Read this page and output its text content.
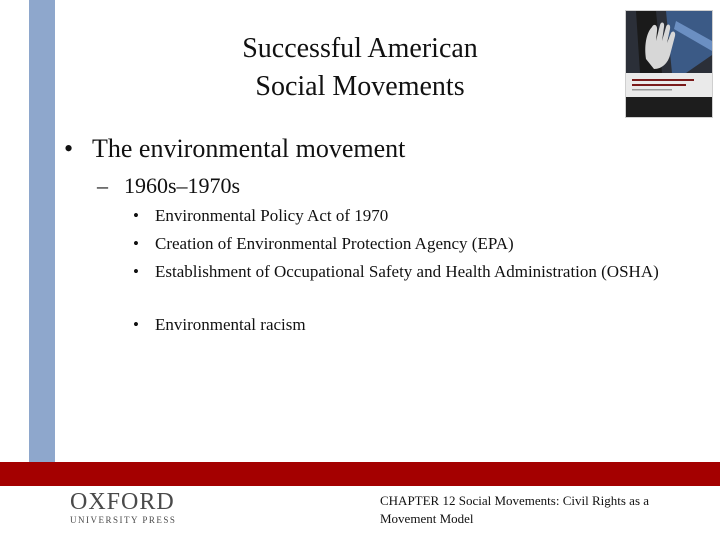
Successful American
Social Movements
• The environmental movement
– 1960s–1970s
• Environmental Policy Act of 1970
• Creation of Environmental Protection Agency (EPA)
• Establishment of Occupational Safety and Health Administration (OSHA)
• Environmental racism
OXFORD
UNIVERSITY PRESS
CHAPTER 12 Social Movements: Civil Rights as a Movement Model
